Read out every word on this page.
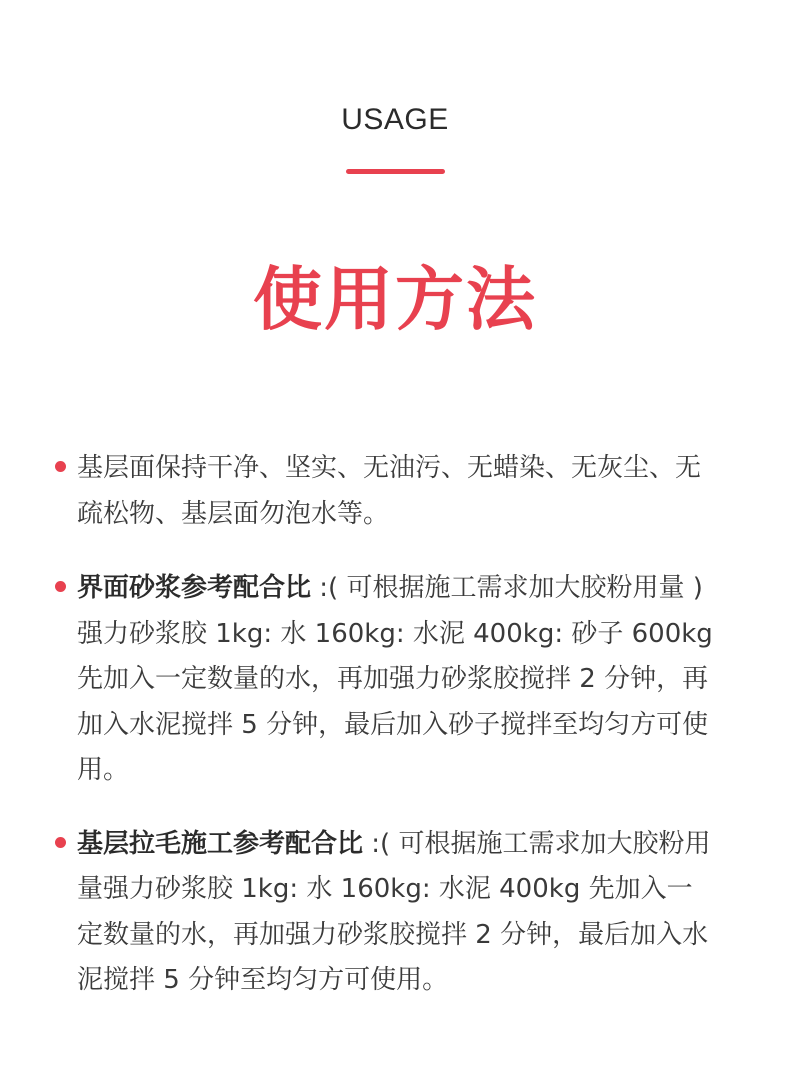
USAGE
使用方法
基层面保持干净、坚实、无油污、无蜡染、无灰尘、无疏松物、基层面勿泡水等。
界面砂浆参考配合比 :( 可根据施工需求加大胶粉用量 ) 强力砂浆胶 1kg: 水 160kg: 水泥 400kg: 砂子 600kg 先加入一定数量的水，再加强力砂浆胶搅拌 2 分钟，再加入水泥搅拌 5 分钟，最后加入砂子搅拌至均匀方可使用。
基层拉毛施工参考配合比 :( 可根据施工需求加大胶粉用量强力砂浆胶 1kg: 水 160kg: 水泥 400kg 先加入一定数量的水，再加强力砂浆胶搅拌 2 分钟，最后加入水泥搅拌 5 分钟至均匀方可使用。
